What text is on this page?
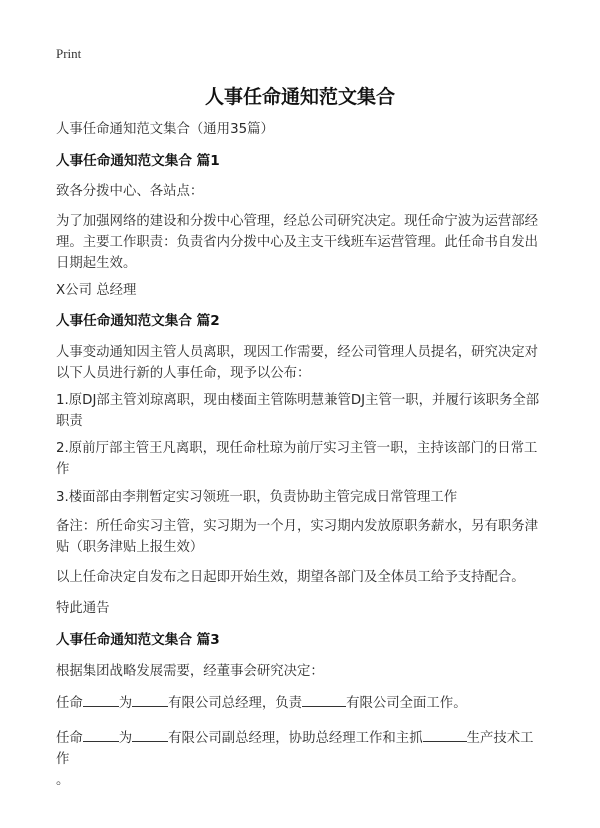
Print
人事任命通知范文集合

人事任命通知范文集合（通用35篇）

人事任命通知范文集合 篇1

致各分拨中心、各站点：

为了加强网络的建设和分拨中心管理，经总公司研究决定。现任命宁波为运营部经理。主要工作职责：负责省内分拨中心及主支干线班车运营管理。此任命书自发出日期起生效。

X公司 总经理

人事任命通知范文集合 篇2

人事变动通知因主管人员离职，现因工作需要，经公司管理人员提名，研究决定对以下人员进行新的人事任命，现予以公布：

1.原DJ部主管刘琼离职，现由楼面主管陈明慧兼管DJ主管一职，并履行该职务全部职责

2.原前厅部主管王凡离职，现任命杜琼为前厅实习主管一职，主持该部门的日常工作

3.楼面部由李荆暂定实习领班一职，负责协助主管完成日常管理工作

备注：所任命实习主管，实习期为一个月，实习期内发放原职务薪水，另有职务津贴（职务津贴上报生效）

以上任命决定自发布之日起即开始生效，期望各部门及全体员工给予支持配合。

特此通告

人事任命通知范文集合 篇3

根据集团战略发展需要，经董事会研究决定：

任命	为	有限公司总经理，负责	有限公司全面工作。

任命	为	有限公司副总经理，协助总经理工作和主抓	生产技术工作
。
